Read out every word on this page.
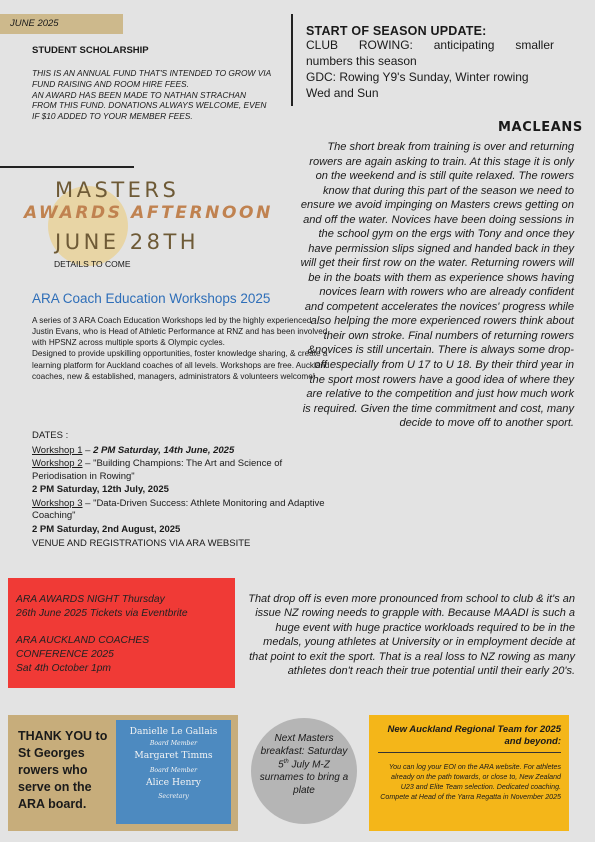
JUNE 2025
STUDENT SCHOLARSHIP
THIS IS AN ANNUAL FUND THAT'S INTENDED TO GROW VIA FUND RAISING AND ROOM HIRE FEES.
AN AWARD HAS BEEN MADE TO NATHAN STRACHAN FROM THIS FUND. DONATIONS ALWAYS WELCOME, EVEN IF $10 ADDED TO YOUR MEMBER FEES.
START OF SEASON UPDATE:
CLUB ROWING: anticipating smaller
numbers this season
GDC: Rowing Y9's Sunday, Winter rowing
Wed and Sun
MASTERS
AWARDS AFTERNOON
JUNE 28TH
DETAILS TO COME
ARA Coach Education Workshops 2025
A series of 3 ARA Coach Education Workshops led by the highly experienced Justin Evans, who is Head of Athletic Performance at RNZ and has been involved with HPSNZ across multiple sports & Olympic cycles.
Designed to provide upskilling opportunities, foster knowledge sharing, & create a learning platform for Auckland coaches of all levels. Workshops are free. Auckland coaches, new & established, managers, administrators & volunteers welcome!
DATES :
Workshop 1 – 2 PM Saturday, 14th June, 2025
Workshop 2 – "Building Champions: The Art and Science of Periodisation in Rowing"
2 PM Saturday, 12th July, 2025
Workshop 3 – "Data-Driven Success: Athlete Monitoring and Adaptive Coaching"
2 PM Saturday, 2nd August, 2025
VENUE AND REGISTRATIONS VIA ARA WEBSITE
MACLEANS
The short break from training is over and returning rowers are again asking to train. At this stage it is only on the weekend and is still quite relaxed. The rowers know that during this part of the season we need to ensure we avoid impinging on Masters crews getting on and off the water. Novices have been doing sessions in the school gym on the ergs with Tony and once they have permission slips signed and handed back in they will get their first row on the water. Returning rowers will be in the boats with them as experience shows having novices learn with rowers who are already confident and competent accelerates the novices' progress while also helping the more experienced rowers think about their own stroke. Final numbers of returning rowers &novices is still uncertain. There is always some drop-off especially from U 17 to U 18. By their third year in the sport most rowers have a good idea of where they are relative to the competition and just how much work is required. Given the time commitment and cost, many decide to move off to another sport.
ARA AWARDS NIGHT Thursday
26th June 2025 Tickets via Eventbrite
ARA AUCKLAND COACHES CONFERENCE 2025
Sat 4th October 1pm
That drop off is even more pronounced from school to club & it's an issue NZ rowing needs to grapple with. Because MAADI is such a huge event with huge practice workloads required to be in the medals, young athletes at University or in employment decide at that point to exit the sport. That is a real loss to NZ rowing as many athletes don't reach their true potential until their early 20's.
THANK YOU to St Georges rowers who serve on the ARA board.
Danielle Le Gallais
Board Member
Margaret Timms
Board Member
Alice Henry
Secretary
Next Masters breakfast: Saturday 5th July M-Z surnames to bring a plate
New Auckland Regional Team for 2025 and beyond:
You can log your EOI on the ARA website. For athletes already on the path towards, or close to, New Zealand U23 and Elite Team selection. Dedicated coaching. Compete at Head of the Yarra Regatta in November 2025
